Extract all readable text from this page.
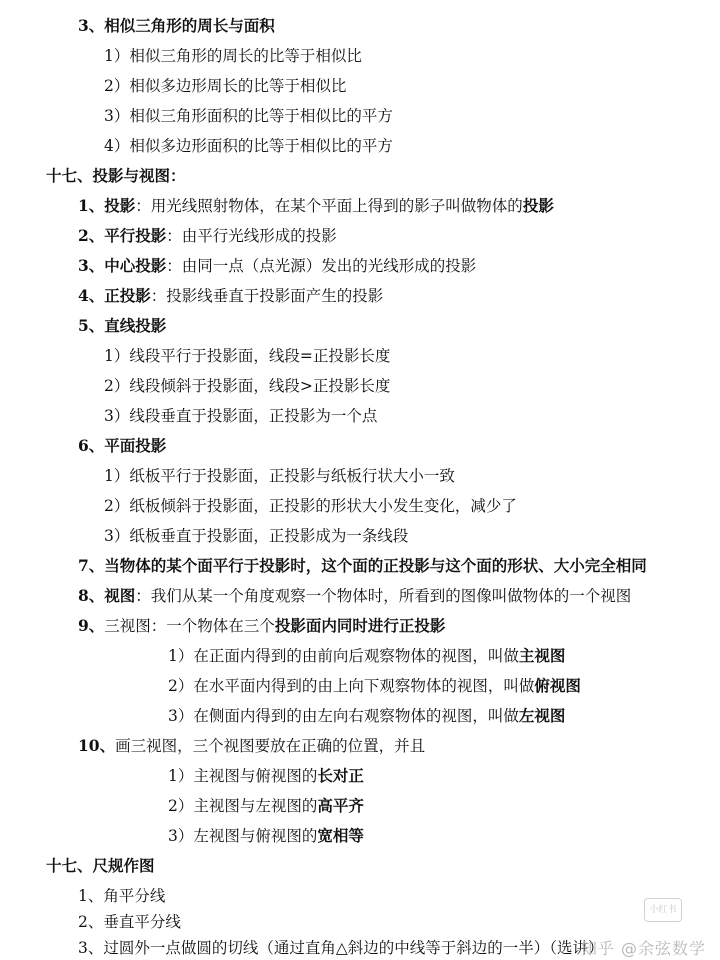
3、相似三角形的周长与面积
1）相似三角形的周长的比等于相似比
2）相似多边形周长的比等于相似比
3）相似三角形面积的比等于相似比的平方
4）相似多边形面积的比等于相似比的平方
十七、投影与视图：
1、投影：用光线照射物体，在某个平面上得到的影子叫做物体的投影
2、平行投影：由平行光线形成的投影
3、中心投影：由同一点（点光源）发出的光线形成的投影
4、正投影：投影线垂直于投影面产生的投影
5、直线投影
1）线段平行于投影面，线段=正投影长度
2）线段倾斜于投影面，线段>正投影长度
3）线段垂直于投影面，正投影为一个点
6、平面投影
1）纸板平行于投影面，正投影与纸板行状大小一致
2）纸板倾斜于投影面，正投影的形状大小发生变化，减少了
3）纸板垂直于投影面，正投影成为一条线段
7、当物体的某个面平行于投影时，这个面的正投影与这个面的形状、大小完全相同
8、视图：我们从某一个角度观察一个物体时，所看到的图像叫做物体的一个视图
9、三视图：一个物体在三个投影面内同时进行正投影
1）在正面内得到的由前向后观察物体的视图，叫做主视图
2）在水平面内得到的由上向下观察物体的视图，叫做俯视图
3）在侧面内得到的由左向右观察物体的视图，叫做左视图
10、画三视图，三个视图要放在正确的位置，并且
1）主视图与俯视图的长对正
2）主视图与左视图的高平齐
3）左视图与俯视图的宽相等
十七、尺规作图
1、角平分线
2、垂直平分线
3、过圆外一点做圆的切线（通过直角△斜边的中线等于斜边的一半）（选讲）
小红书
知乎 @余弦数学
